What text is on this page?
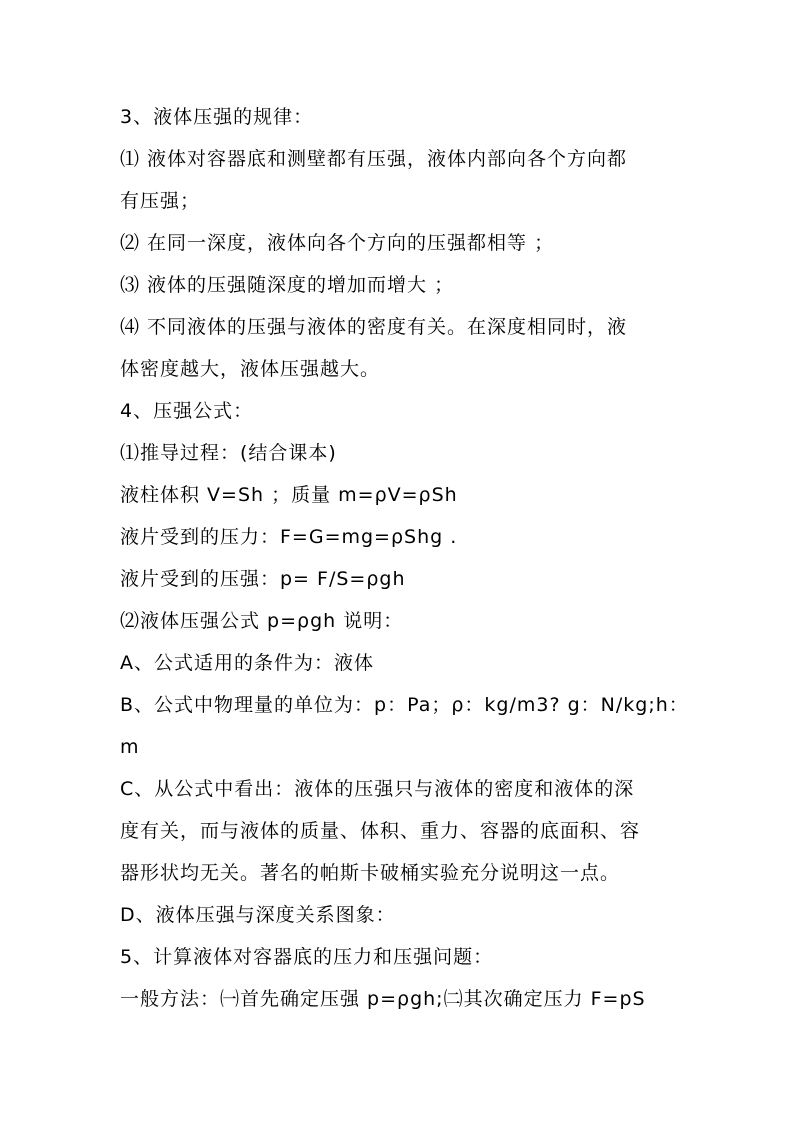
3、液体压强的规律：
⑴ 液体对容器底和测壁都有压强，液体内部向各个方向都
有压强；
⑵ 在同一深度，液体向各个方向的压强都相等 ；
⑶ 液体的压强随深度的增加而增大 ；
⑷ 不同液体的压强与液体的密度有关。在深度相同时，液
体密度越大，液体压强越大。
4、压强公式：
⑴推导过程：(结合课本)
液柱体积 V=Sh ；质量 m=ρV=ρSh
液片受到的压力：F=G=mg=ρShg .
液片受到的压强：p= F/S=ρgh
⑵液体压强公式 p=ρgh 说明：
A、公式适用的条件为：液体
B、公式中物理量的单位为：p：Pa；ρ：kg/m3? g：N/kg;h：
m
C、从公式中看出：液体的压强只与液体的密度和液体的深
度有关，而与液体的质量、体积、重力、容器的底面积、容
器形状均无关。著名的帕斯卡破桶实验充分说明这一点。
D、液体压强与深度关系图象：
5、计算液体对容器底的压力和压强问题：
一般方法：㈠首先确定压强 p=ρgh;㈡其次确定压力 F=pS
